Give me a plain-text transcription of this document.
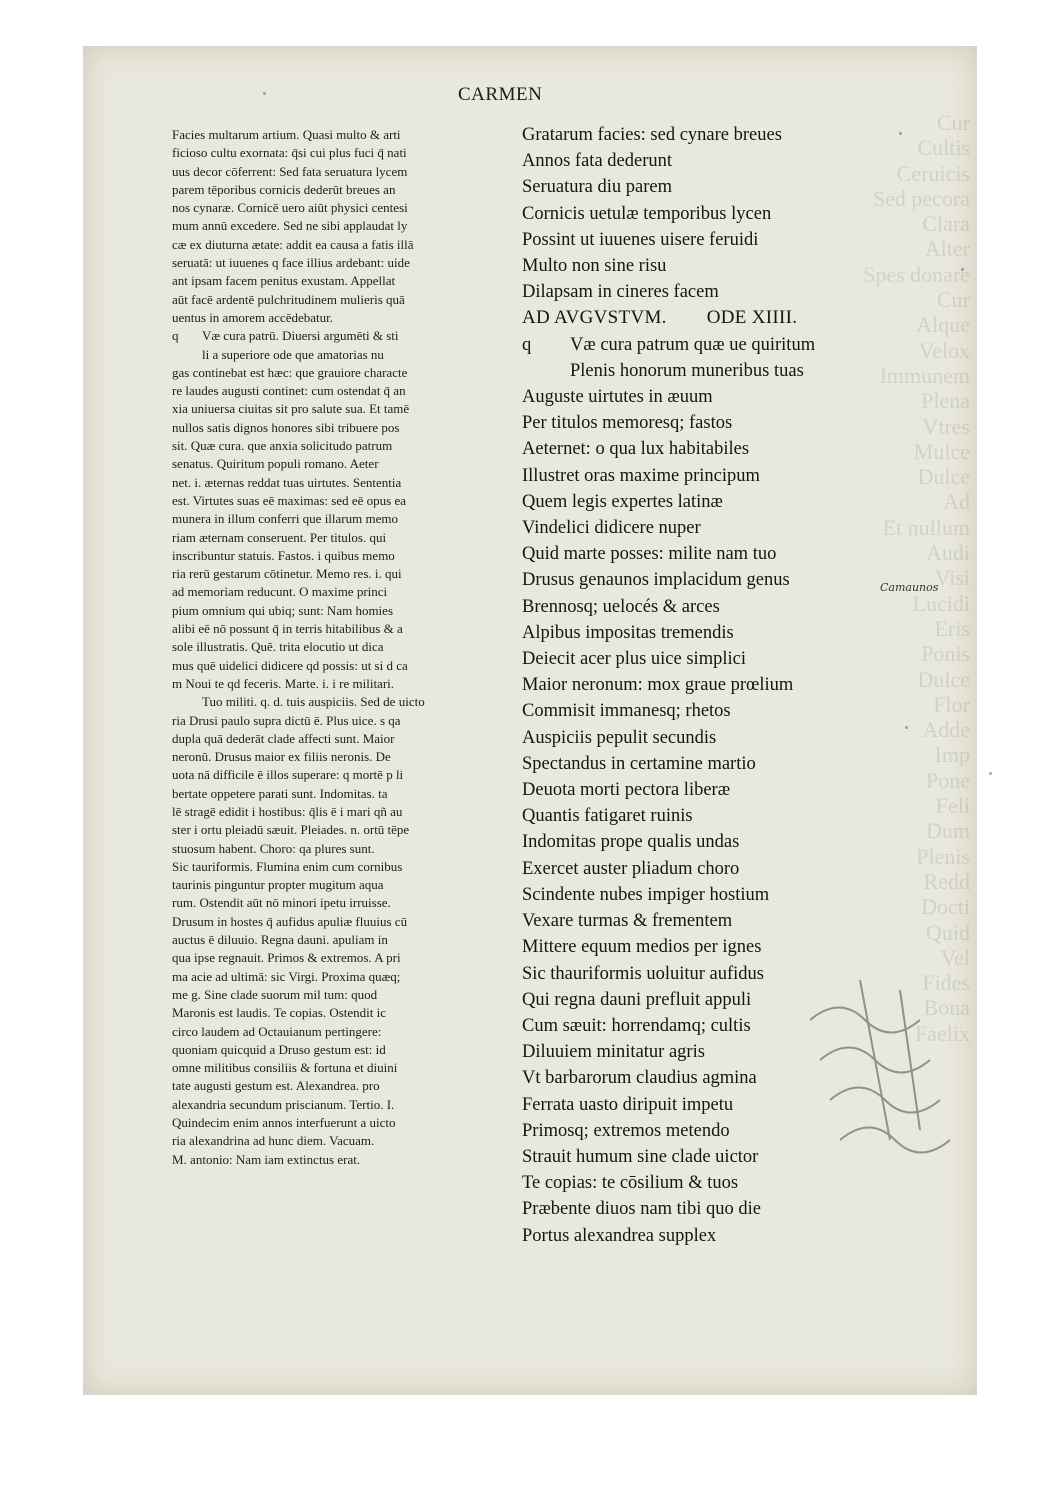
Cur
Cultis
Ceruicis
Sed pecora
Clara
Alter
Spes donare
Cur
Alque
Velox
Immunem
Plena
Vtres
Mulce
Dulce
Ad
Et nullum
Audi
Visi
Lucidi
Eris
Ponis
Dulce
Flor
Adde
Imp
Pone
Feli
Dum
Plenis
Redd
Docti
Quid
Vel
Fides
Bona
Faelix
CARMEN
Facies multarum artium. Quasi multo & arti
ficioso cultu exornata: q̄si cui plus fuci q̄ nati
uus decor cōferrent: Sed fata seruatura lycem
parem tēporibus cornicis dederūt breues an
nos cynaræ. Cornicē uero aiūt physici centesi
mum annū excedere. Sed ne sibi applaudat ly
cæ ex diuturna ætate: addit ea causa a fatis illā
seruatā: ut iuuenes q face illius ardebant: uide
ant ipsam facem penitus exustam. Appellat
aūt facē ardentē pulchritudinem mulieris quā
uentus in amorem accēdebatur.
q Væ cura patrū. Diuersi argumēti & sti
li a superiore ode que amatorias nu
gas continebat est hæc: que grauiore characte
re laudes augusti continet: cum ostendat q̄ an
xia uniuersa ciuitas sit pro salute sua. Et tamē
nullos satis dignos honores sibi tribuere pos
sit. Quæ cura. que anxia solicitudo patrum
senatus. Quiritum populi romano. Aeter
net. i. æternas reddat tuas uirtutes. Sententia
est. Virtutes suas eē maximas: sed eē opus ea
munera in illum conferri que illarum memo
riam æternam conseruent. Per titulos. qui
inscribuntur statuis. Fastos. i quibus memo
ria rerū gestarum cōtinetur. Memo res. i. qui
ad memoriam reducunt. O maxime princi
pium omnium qui ubiq; sunt: Nam homies
alibi eē nō possunt q̄ in terris hitabilibus & a
sole illustratis. Quē. trita elocutio ut dica
mus quē uidelici didicere qd possis: ut si d ca
m Noui te qd feceris. Marte. i. i re militari.
Tuo militi. q. d. tuis auspiciis. Sed de uicto
ria Drusi paulo supra dictū ē. Plus uice. s qa
dupla quā dederāt clade affecti sunt. Maior
neronū. Drusus maior ex filiis neronis. De
uota nā difficile ē illos superare: q mortē p li
bertate oppetere parati sunt. Indomitas. ta
lē stragē edidit i hostibus: q̄lis ē i mari qñ au
ster i ortu pleiadū sæuit. Pleiades. n. ortū tēpe
stuosum habent. Choro: qa plures sunt.
Sic tauriformis. Flumina enim cum cornibus
taurinis pinguntur propter mugitum aqua
rum. Ostendit aūt nō minori ipetu irruisse.
Drusum in hostes q̄ aufidus apuliæ fluuius cū
auctus ē diluuio. Regna dauni. apuliam in
qua ipse regnauit. Primos & extremos. A pri
ma acie ad ultimā: sic Virgi. Proxima quæq;
me g. Sine clade suorum mil tum: quod
Maronis est laudis. Te copias. Ostendit ic
circo laudem ad Octauianum pertingere:
quoniam quicquid a Druso gestum est: id
omne militibus consiliis & fortuna et diuini
tate augusti gestum est. Alexandrea. pro
alexandria secundum priscianum. Tertio. I.
Quindecim enim annos interfuerunt a uicto
ria alexandrina ad hunc diem. Vacuam.
M. antonio: Nam iam extinctus erat.
Gratarum facies: sed cynare breues
Annos fata dederunt
Seruatura diu parem
Cornicis uetulæ temporibus lycen
Possint ut iuuenes uisere feruidi
Multo non sine risu
Dilapsam in cineres facem
AD AVGVSTVM. ODE XIIII.
q Væ cura patrum quæ ue quiritum
Plenis honorum muneribus tuas
Auguste uirtutes in æuum
Per titulos memoresq; fastos
Aeternet: o qua lux habitabiles
Illustret oras maxime principum
Quem legis expertes latinæ
Vindelici didicere nuper
Quid marte posses: milite nam tuo
Drusus genaunos implacidum genus
Brennosq; uelocés & arces
Alpibus impositas tremendis
Deiecit acer plus uice simplici
Maior neronum: mox graue prœlium
Commisit immanesq; rhetos
Auspiciis pepulit secundis
Spectandus in certamine martio
Deuota morti pectora liberæ
Quantis fatigaret ruinis
Indomitas prope qualis undas
Exercet auster pliadum choro
Scindente nubes impiger hostium
Vexare turmas & frementem
Mittere equum medios per ignes
Sic thauriformis uoluitur aufidus
Qui regna dauni prefluit appuli
Cum sæuit: horrendamq; cultis
Diluuiem minitatur agris
Vt barbarorum claudius agmina
Ferrata uasto diripuit impetu
Primosq; extremos metendo
Strauit humum sine clade uictor
Te copias: te cōsilium & tuos
Præbente diuos nam tibi quo die
Portus alexandrea supplex
Camaunos
